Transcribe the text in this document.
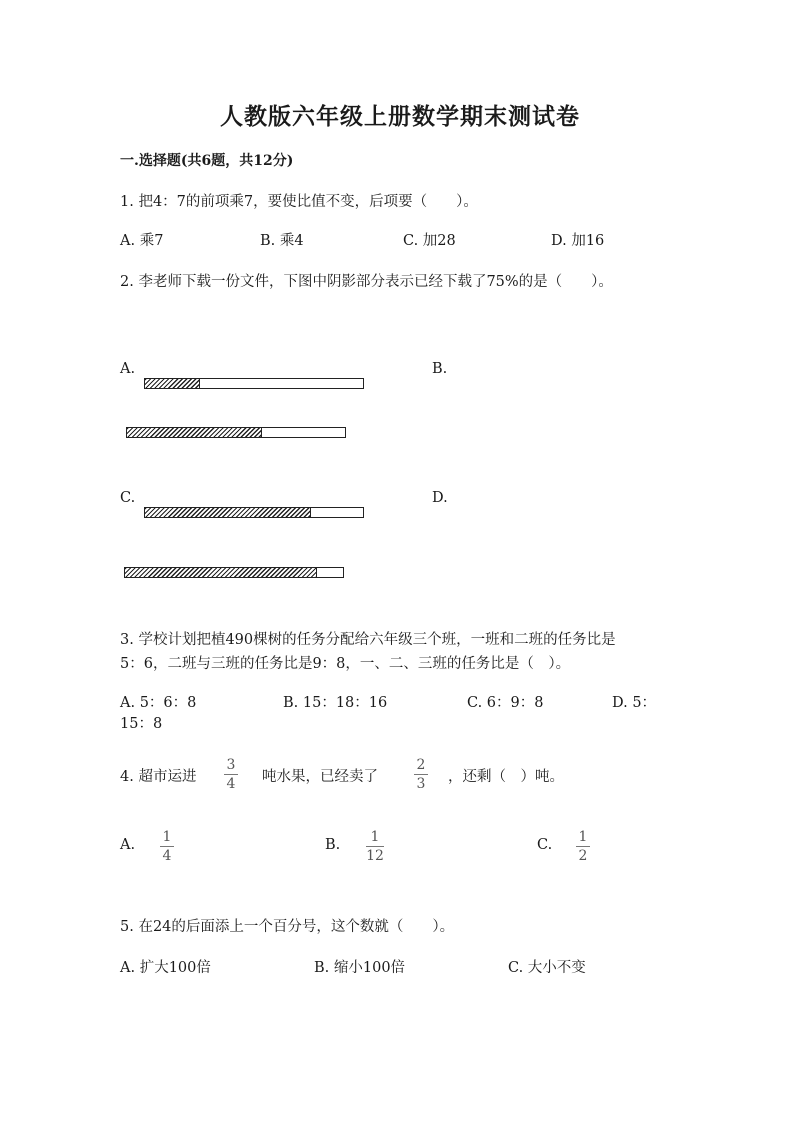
人教版六年级上册数学期末测试卷
一.选择题(共6题，共12分)
1. 把4：7的前项乘7，要使比值不变，后项要（　　）。
A. 乘7	B. 乘4	C. 加28	D. 加16
2. 李老师下载一份文件，下图中阴影部分表示已经下载了75%的是（　　）。
A.	B.
C.	D.
3. 学校计划把植490棵树的任务分配给六年级三个班，一班和二班的任务比是
5：6，二班与三班的任务比是9：8，一、二、三班的任务比是（　）。
A. 5：6：8	B. 15：18：16	C. 6：9：8	D. 5：
15：8
4. 超市运进
3
4 吨水果，已经卖了
2
3 ，还剩（　）吨。
A. 1
4
B. 1
12
C. 1
2
5. 在24的后面添上一个百分号，这个数就（　　）。
A. 扩大100倍	B. 缩小100倍	C. 大小不变
